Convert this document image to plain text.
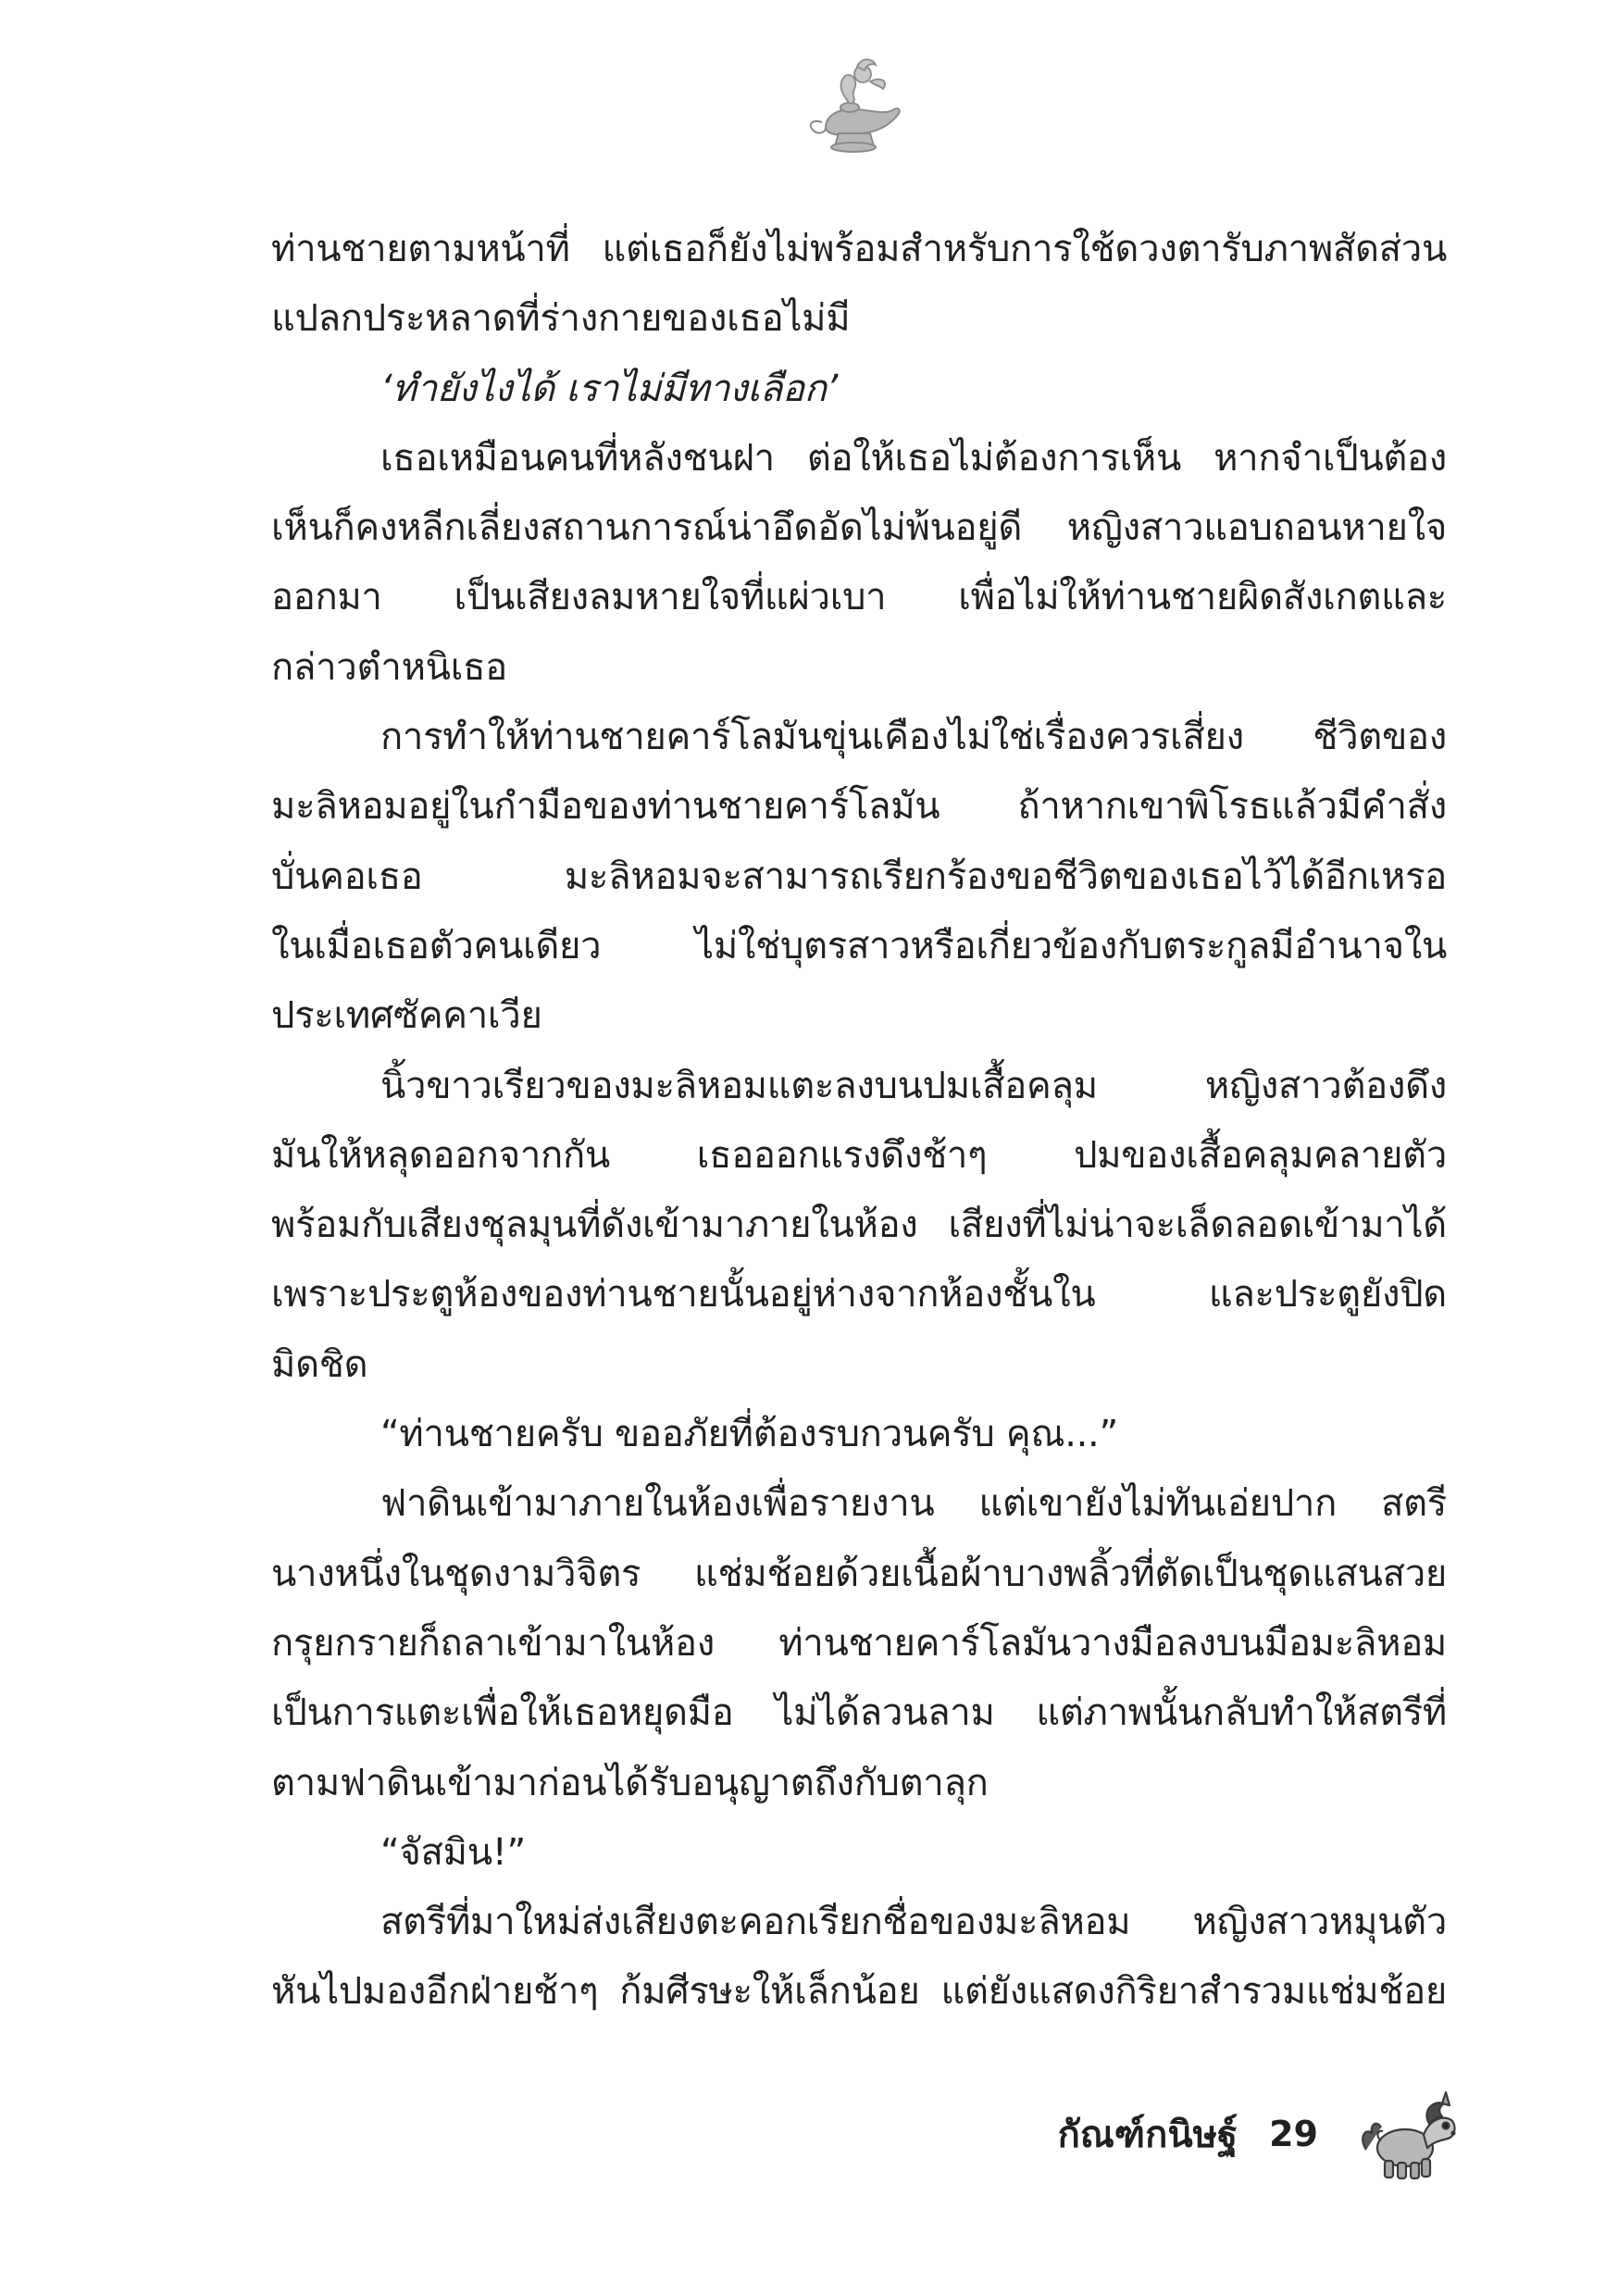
ท่านชายตามหน้าที่ แต่เธอก็ยังไม่พร้อมสำหรับการใช้ดวงตารับภาพสัดส่วน
แปลกประหลาดที่ร่างกายของเธอไม่มี

‘ทำยังไงได้ เราไม่มีทางเลือก’

เธอเหมือนคนที่หลังชนฝา ต่อให้เธอไม่ต้องการเห็น หากจำเป็นต้อง
เห็นก็คงหลีกเลี่ยงสถานการณ์น่าอึดอัดไม่พ้นอยู่ดี หญิงสาวแอบถอนหายใจ
ออกมา เป็นเสียงลมหายใจที่แผ่วเบา เพื่อไม่ให้ท่านชายผิดสังเกตและ
กล่าวตำหนิเธอ

การทำให้ท่านชายคาร์โลมันขุ่นเคืองไม่ใช่เรื่องควรเสี่ยง ชีวิตของ
มะลิหอมอยู่ในกำมือของท่านชายคาร์โลมัน ถ้าหากเขาพิโรธแล้วมีคำสั่ง
บั่นคอเธอ มะลิหอมจะสามารถเรียกร้องขอชีวิตของเธอไว้ได้อีกเหรอ
ในเมื่อเธอตัวคนเดียว ไม่ใช่บุตรสาวหรือเกี่ยวข้องกับตระกูลมีอำนาจใน
ประเทศซัคคาเวีย

นิ้วขาวเรียวของมะลิหอมแตะลงบนปมเสื้อคลุม หญิงสาวต้องดึง
มันให้หลุดออกจากกัน เธอออกแรงดึงช้าๆ ปมของเสื้อคลุมคลายตัว
พร้อมกับเสียงชุลมุนที่ดังเข้ามาภายในห้อง เสียงที่ไม่น่าจะเล็ดลอดเข้ามาได้
เพราะประตูห้องของท่านชายนั้นอยู่ห่างจากห้องชั้นใน และประตูยังปิด
มิดชิด

“ท่านชายครับ ขออภัยที่ต้องรบกวนครับ คุณ...”

ฟาดินเข้ามาภายในห้องเพื่อรายงาน แต่เขายังไม่ทันเอ่ยปาก สตรี
นางหนึ่งในชุดงามวิจิตร แช่มช้อยด้วยเนื้อผ้าบางพลิ้วที่ตัดเป็นชุดแสนสวย
กรุยกรายก็ถลาเข้ามาในห้อง ท่านชายคาร์โลมันวางมือลงบนมือมะลิหอม
เป็นการแตะเพื่อให้เธอหยุดมือ ไม่ได้ลวนลาม แต่ภาพนั้นกลับทำให้สตรีที่
ตามฟาดินเข้ามาก่อนได้รับอนุญาตถึงกับตาลุก

“จัสมิน!”

สตรีที่มาใหม่ส่งเสียงตะคอกเรียกชื่อของมะลิหอม หญิงสาวหมุนตัว
หันไปมองอีกฝ่ายช้าๆ ก้มศีรษะให้เล็กน้อย แต่ยังแสดงกิริยาสำรวมแช่มช้อย

กัณฑ์กนิษฐ์ 29
